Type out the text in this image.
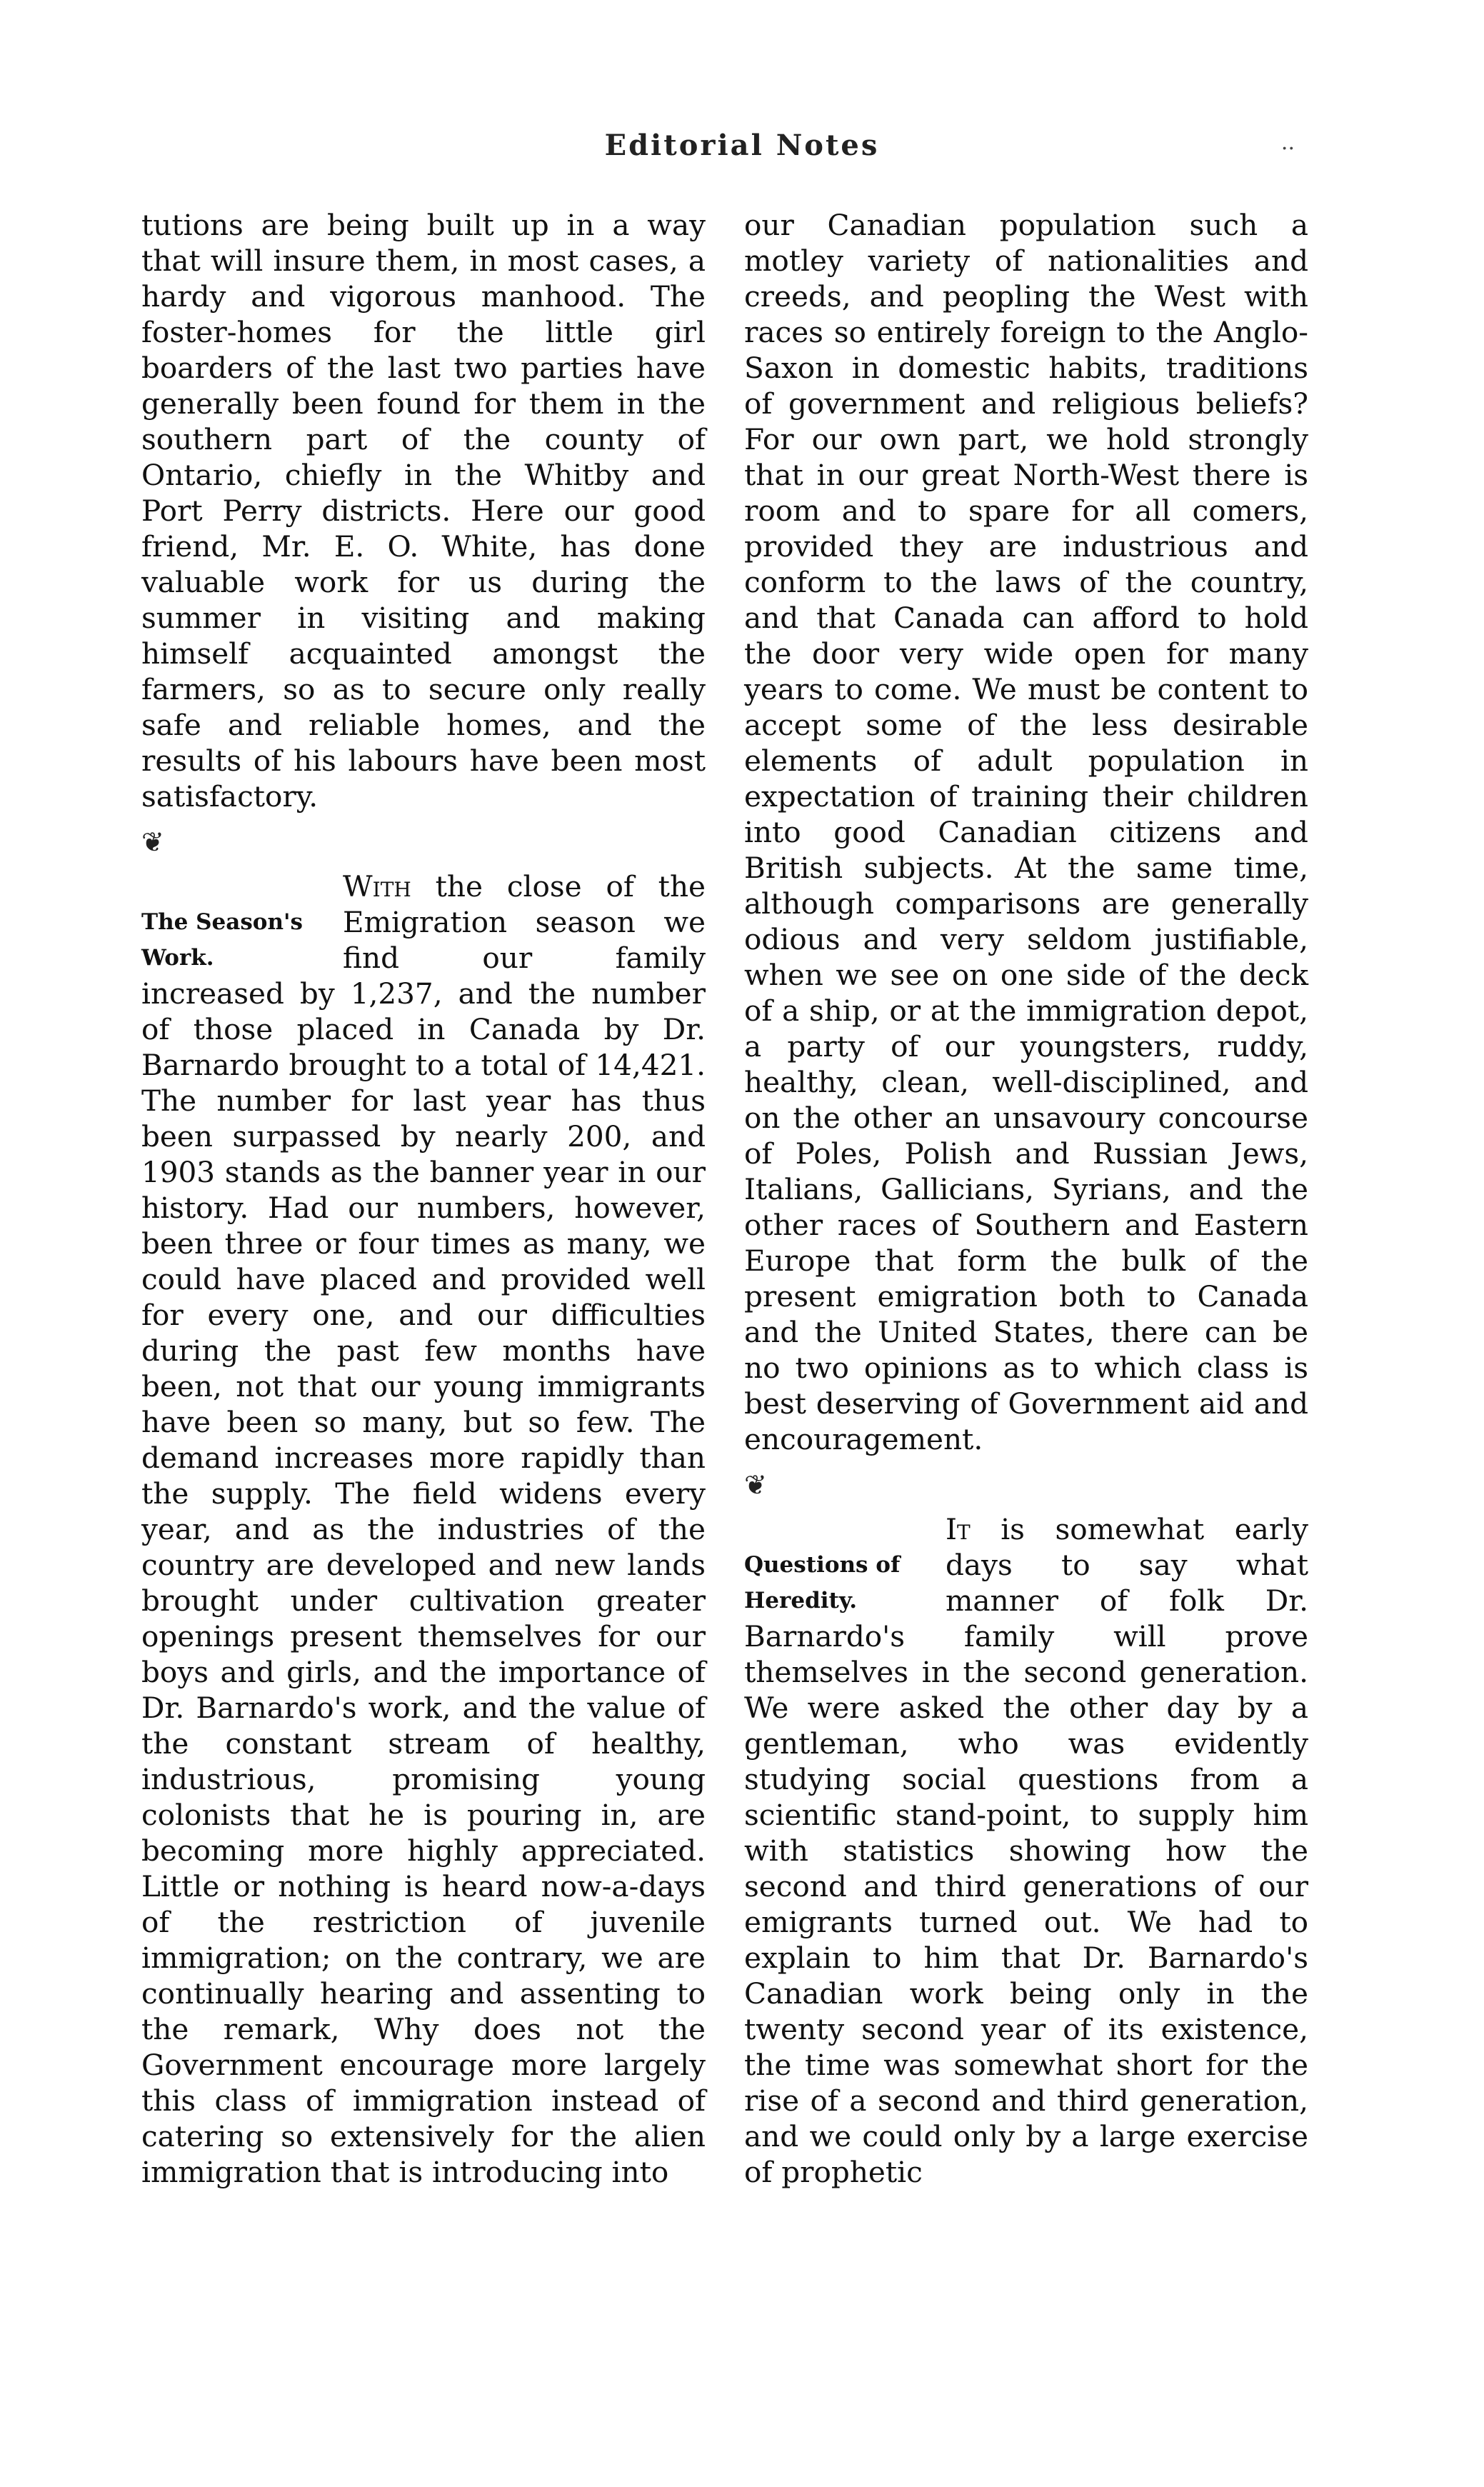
Editorial Notes	..

tutions are being built up in a way that will insure them, in most cases, a hardy and vigorous manhood. The foster-homes for the little girl boarders of the last two parties have generally been found for them in the southern part of the county of Ontario, chiefly in the Whitby and Port Perry districts. Here our good friend, Mr. E. O. White, has done valuable work for us during the summer in visiting and making himself acquainted amongst the farmers, so as to secure only really safe and reliable homes, and the results of his labours have been most satisfactory.

❦
The Season's
Work.

With the close of the Emigration season we find our family increased by 1,237, and the number of those placed in Canada by Dr. Barnardo brought to a total of 14,421. The number for last year has thus been surpassed by nearly 200, and 1903 stands as the banner year in our history. Had our numbers, however, been three or four times as many, we could have placed and provided well for every one, and our difficulties during the past few months have been, not that our young immigrants have been so many, but so few. The demand increases more rapidly than the supply. The field widens every year, and as the industries of the country are developed and new lands brought under cultivation greater openings present themselves for our boys and girls, and the importance of Dr. Barnardo's work, and the value of the constant stream of healthy, industrious, promising young colonists that he is pouring in, are becoming more highly appreciated. Little or nothing is heard now-a-days of the restriction of juvenile immigration; on the contrary, we are continually hearing and assenting to the remark, Why does not the Government encourage more largely this class of immigration instead of catering so extensively for the alien immigration that is introducing into

our Canadian population such a motley variety of nationalities and creeds, and peopling the West with races so entirely foreign to the Anglo-Saxon in domestic habits, traditions of government and religious beliefs? For our own part, we hold strongly that in our great North-West there is room and to spare for all comers, provided they are industrious and conform to the laws of the country, and that Canada can afford to hold the door very wide open for many years to come. We must be content to accept some of the less desirable elements of adult population in expectation of training their children into good Canadian citizens and British subjects. At the same time, although comparisons are generally odious and very seldom justifiable, when we see on one side of the deck of a ship, or at the immigration depot, a party of our youngsters, ruddy, healthy, clean, well-disciplined, and on the other an unsavoury concourse of Poles, Polish and Russian Jews, Italians, Gallicians, Syrians, and the other races of Southern and Eastern Europe that form the bulk of the present emigration both to Canada and the United States, there can be no two opinions as to which class is best deserving of Government aid and encouragement.

❦
Questions of
Heredity.

It is somewhat early days to say what manner of folk Dr. Barnardo's family will prove themselves in the second generation. We were asked the other day by a gentleman, who was evidently studying social questions from a scientific stand-point, to supply him with statistics showing how the second and third generations of our emigrants turned out. We had to explain to him that Dr. Barnardo's Canadian work being only in the twenty second year of its existence, the time was somewhat short for the rise of a second and third generation, and we could only by a large exercise of prophetic
